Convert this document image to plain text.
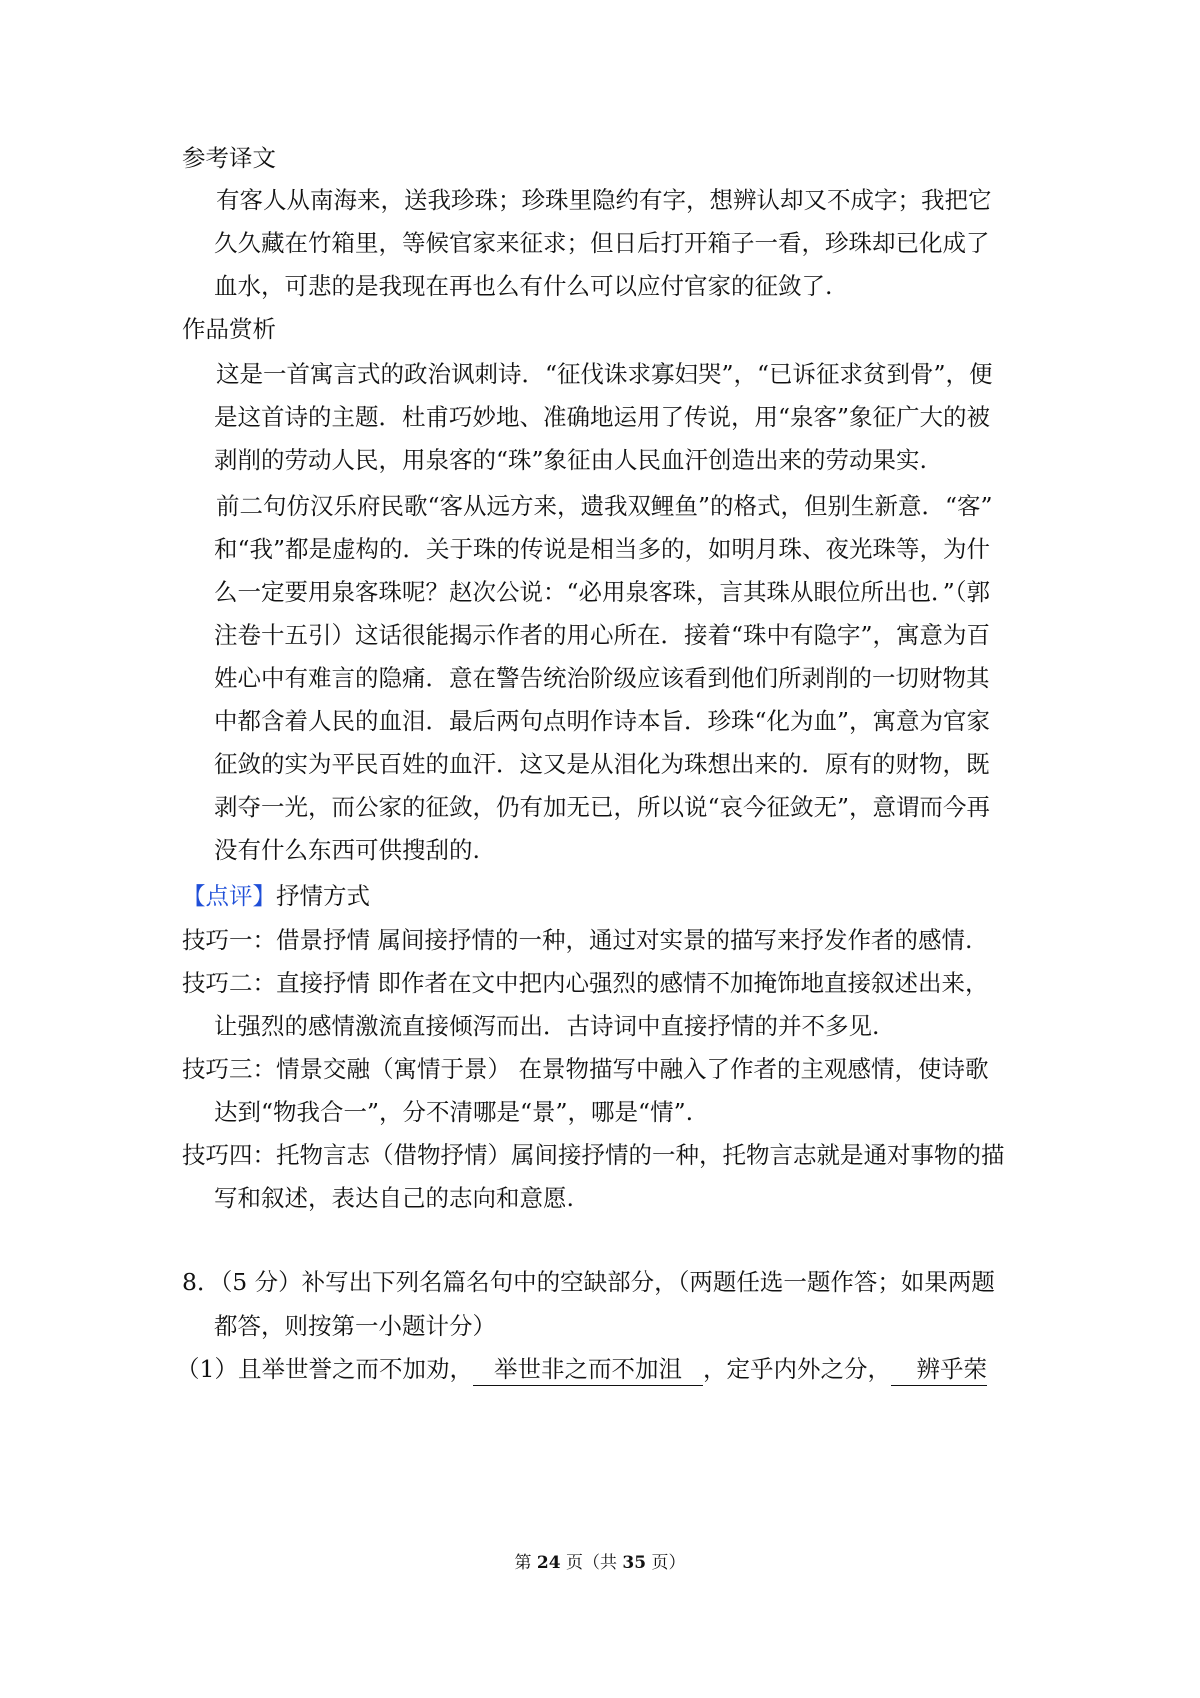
参考译文
有客人从南海来，送我珍珠；珍珠里隐约有字，想辨认却又不成字；我把它
久久藏在竹箱里，等候官家来征求；但日后打开箱子一看，珍珠却已化成了
血水，可悲的是我现在再也么有什么可以应付官家的征敛了.
作品赏析
这是一首寓言式的政治讽刺诗．“征伐诛求寡妇哭”，“已诉征求贫到骨”，便
是这首诗的主题．杜甫巧妙地、准确地运用了传说，用“泉客”象征广大的被
剥削的劳动人民，用泉客的“珠”象征由人民血汗创造出来的劳动果实.
前二句仿汉乐府民歌“客从远方来，遗我双鲤鱼”的格式，但别生新意．“客”
和“我”都是虚构的．关于珠的传说是相当多的，如明月珠、夜光珠等，为什
么一定要用泉客珠呢？赵次公说：“必用泉客珠，言其珠从眼位所出也．”（郭
注卷十五引）这话很能揭示作者的用心所在．接着“珠中有隐字”，寓意为百
姓心中有难言的隐痛．意在警告统治阶级应该看到他们所剥削的一切财物其
中都含着人民的血泪．最后两句点明作诗本旨．珍珠“化为血”，寓意为官家
征敛的实为平民百姓的血汗．这又是从泪化为珠想出来的．原有的财物，既
剥夺一光，而公家的征敛，仍有加无已，所以说“哀今征敛无”，意谓而今再
没有什么东西可供搜刮的.
【点评】抒情方式
技巧一：借景抒情 属间接抒情的一种，通过对实景的描写来抒发作者的感情.
技巧二：直接抒情 即作者在文中把内心强烈的感情不加掩饰地直接叙述出来，
让强烈的感情激流直接倾泻而出．古诗词中直接抒情的并不多见.
技巧三：情景交融（寓情于景） 在景物描写中融入了作者的主观感情，使诗歌
达到“物我合一”，分不清哪是“景”，哪是“情”.
技巧四：托物言志（借物抒情）属间接抒情的一种，托物言志就是通对事物的描
写和叙述，表达自己的志向和意愿.
8．（5 分）补写出下列名篇名句中的空缺部分，（两题任选一题作答；如果两题
都答，则按第一小题计分）
（1）且举世誉之而不加劝， 举世非之而不加沮 ，定乎内外之分， 辨乎荣
第 24 页（共 35 页）
